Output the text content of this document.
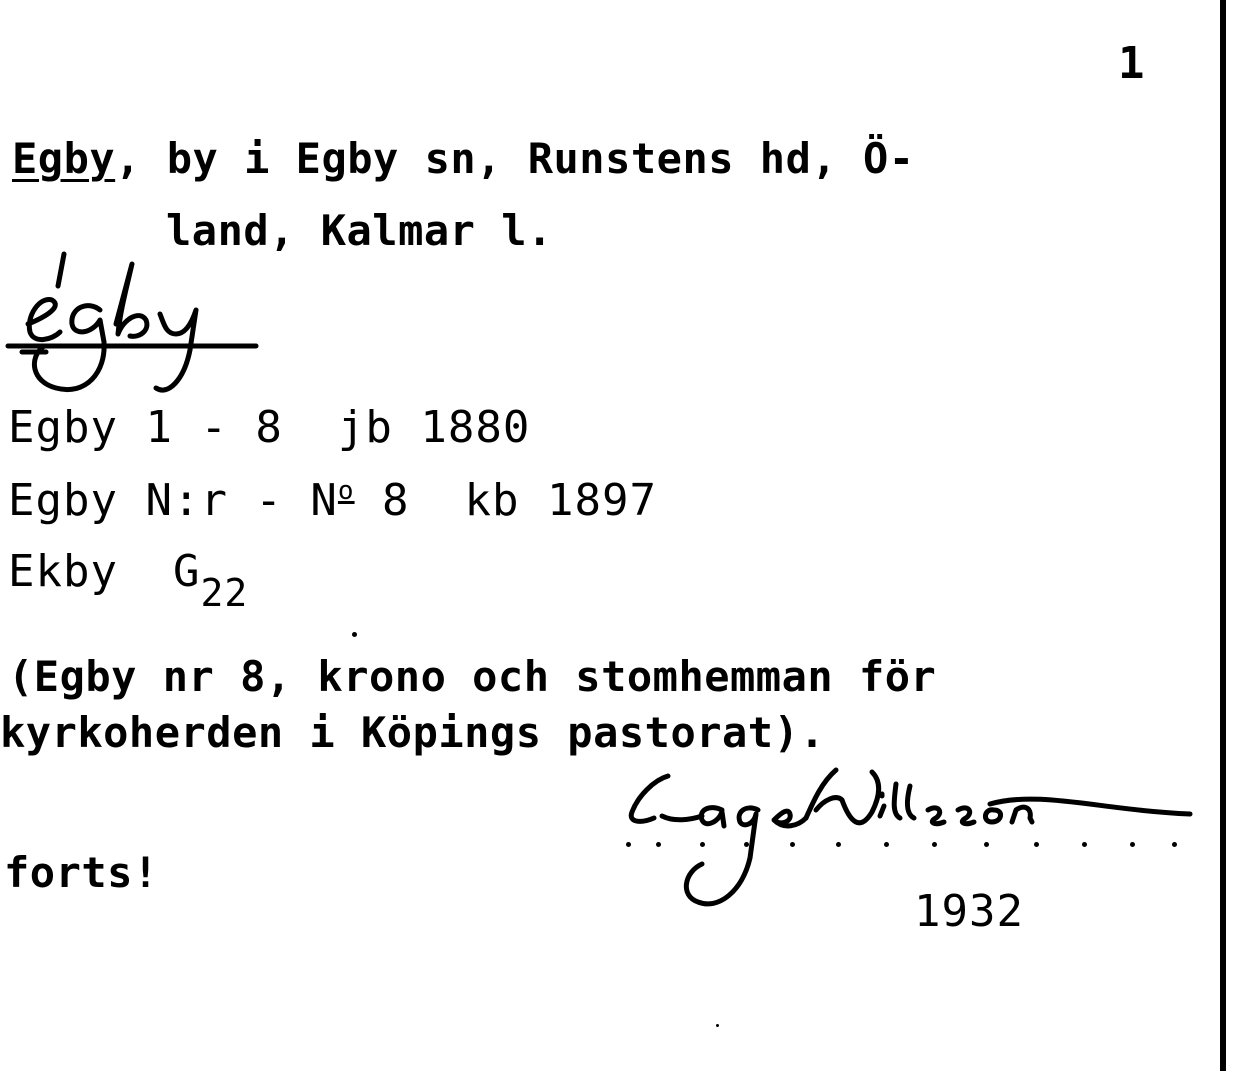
1
Egby, by i Egby sn, Runstens hd, Ö-
land, Kalmar l.
Egby 1 - 8  jb 1880
Egby N:r - $N^o$ 8  kb 1897
Ekby $G_{22}$
(Egby nr 8, krono och stomhemman för
kyrkoherden i Köpings pastorat).
forts!
1932
